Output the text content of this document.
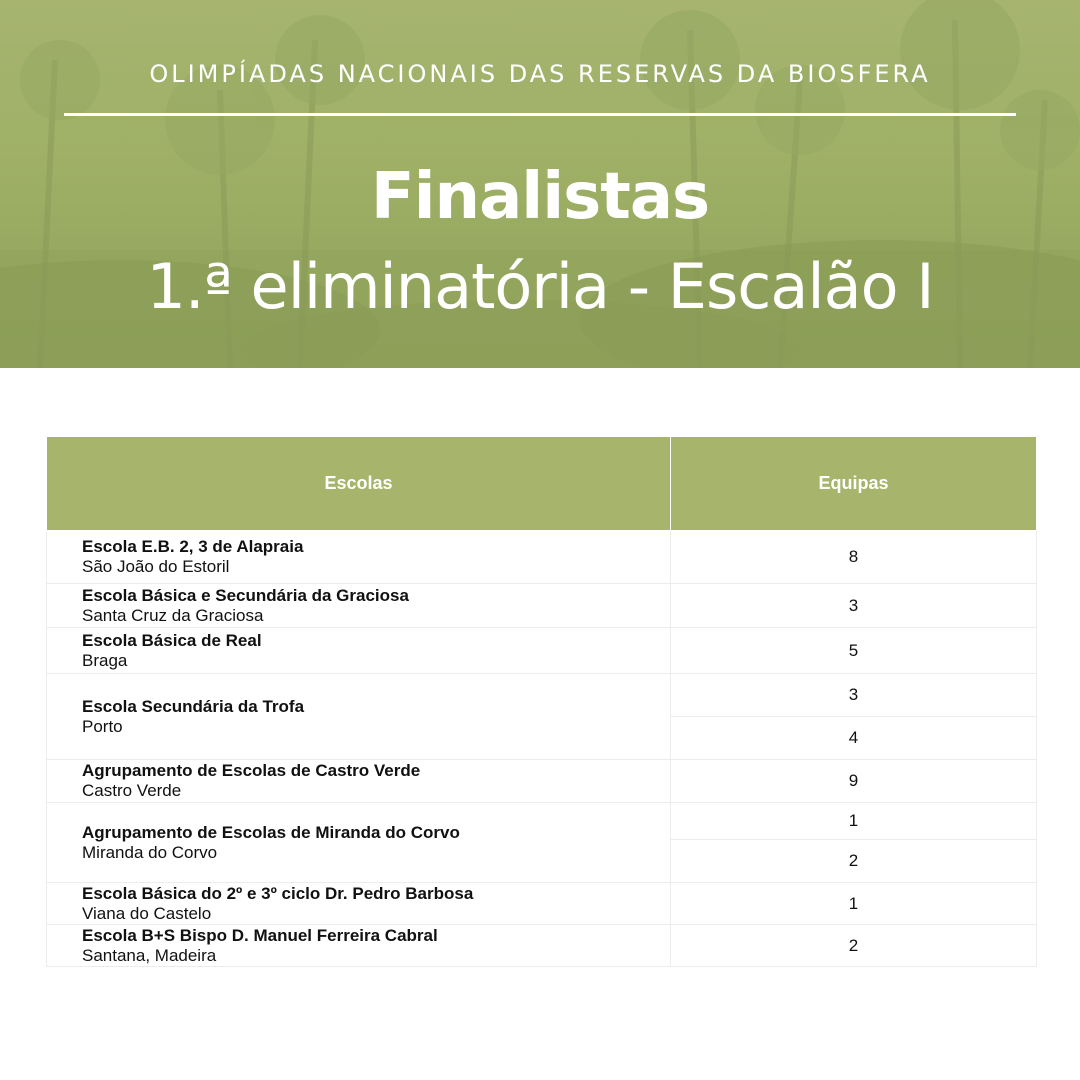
OLIMPÍADAS NACIONAIS DAS RESERVAS DA BIOSFERA
Finalistas
1.ª eliminatória - Escalão I
Escolas	Equipas

Escola E.B. 2, 3 de Alapraia
São João do Estoril	8

Escola Básica e Secundária da Graciosa
Santa Cruz da Graciosa	3

Escola Básica de Real
Braga	5

Escola Secundária da Trofa
Porto	3
	4

Agrupamento de Escolas de Castro Verde
Castro Verde	9

Agrupamento de Escolas de Miranda do Corvo
Miranda do Corvo	1
	2

Escola Básica do 2º e 3º ciclo Dr. Pedro Barbosa
Viana do Castelo	1

Escola B+S Bispo D. Manuel Ferreira Cabral
Santana, Madeira	2
